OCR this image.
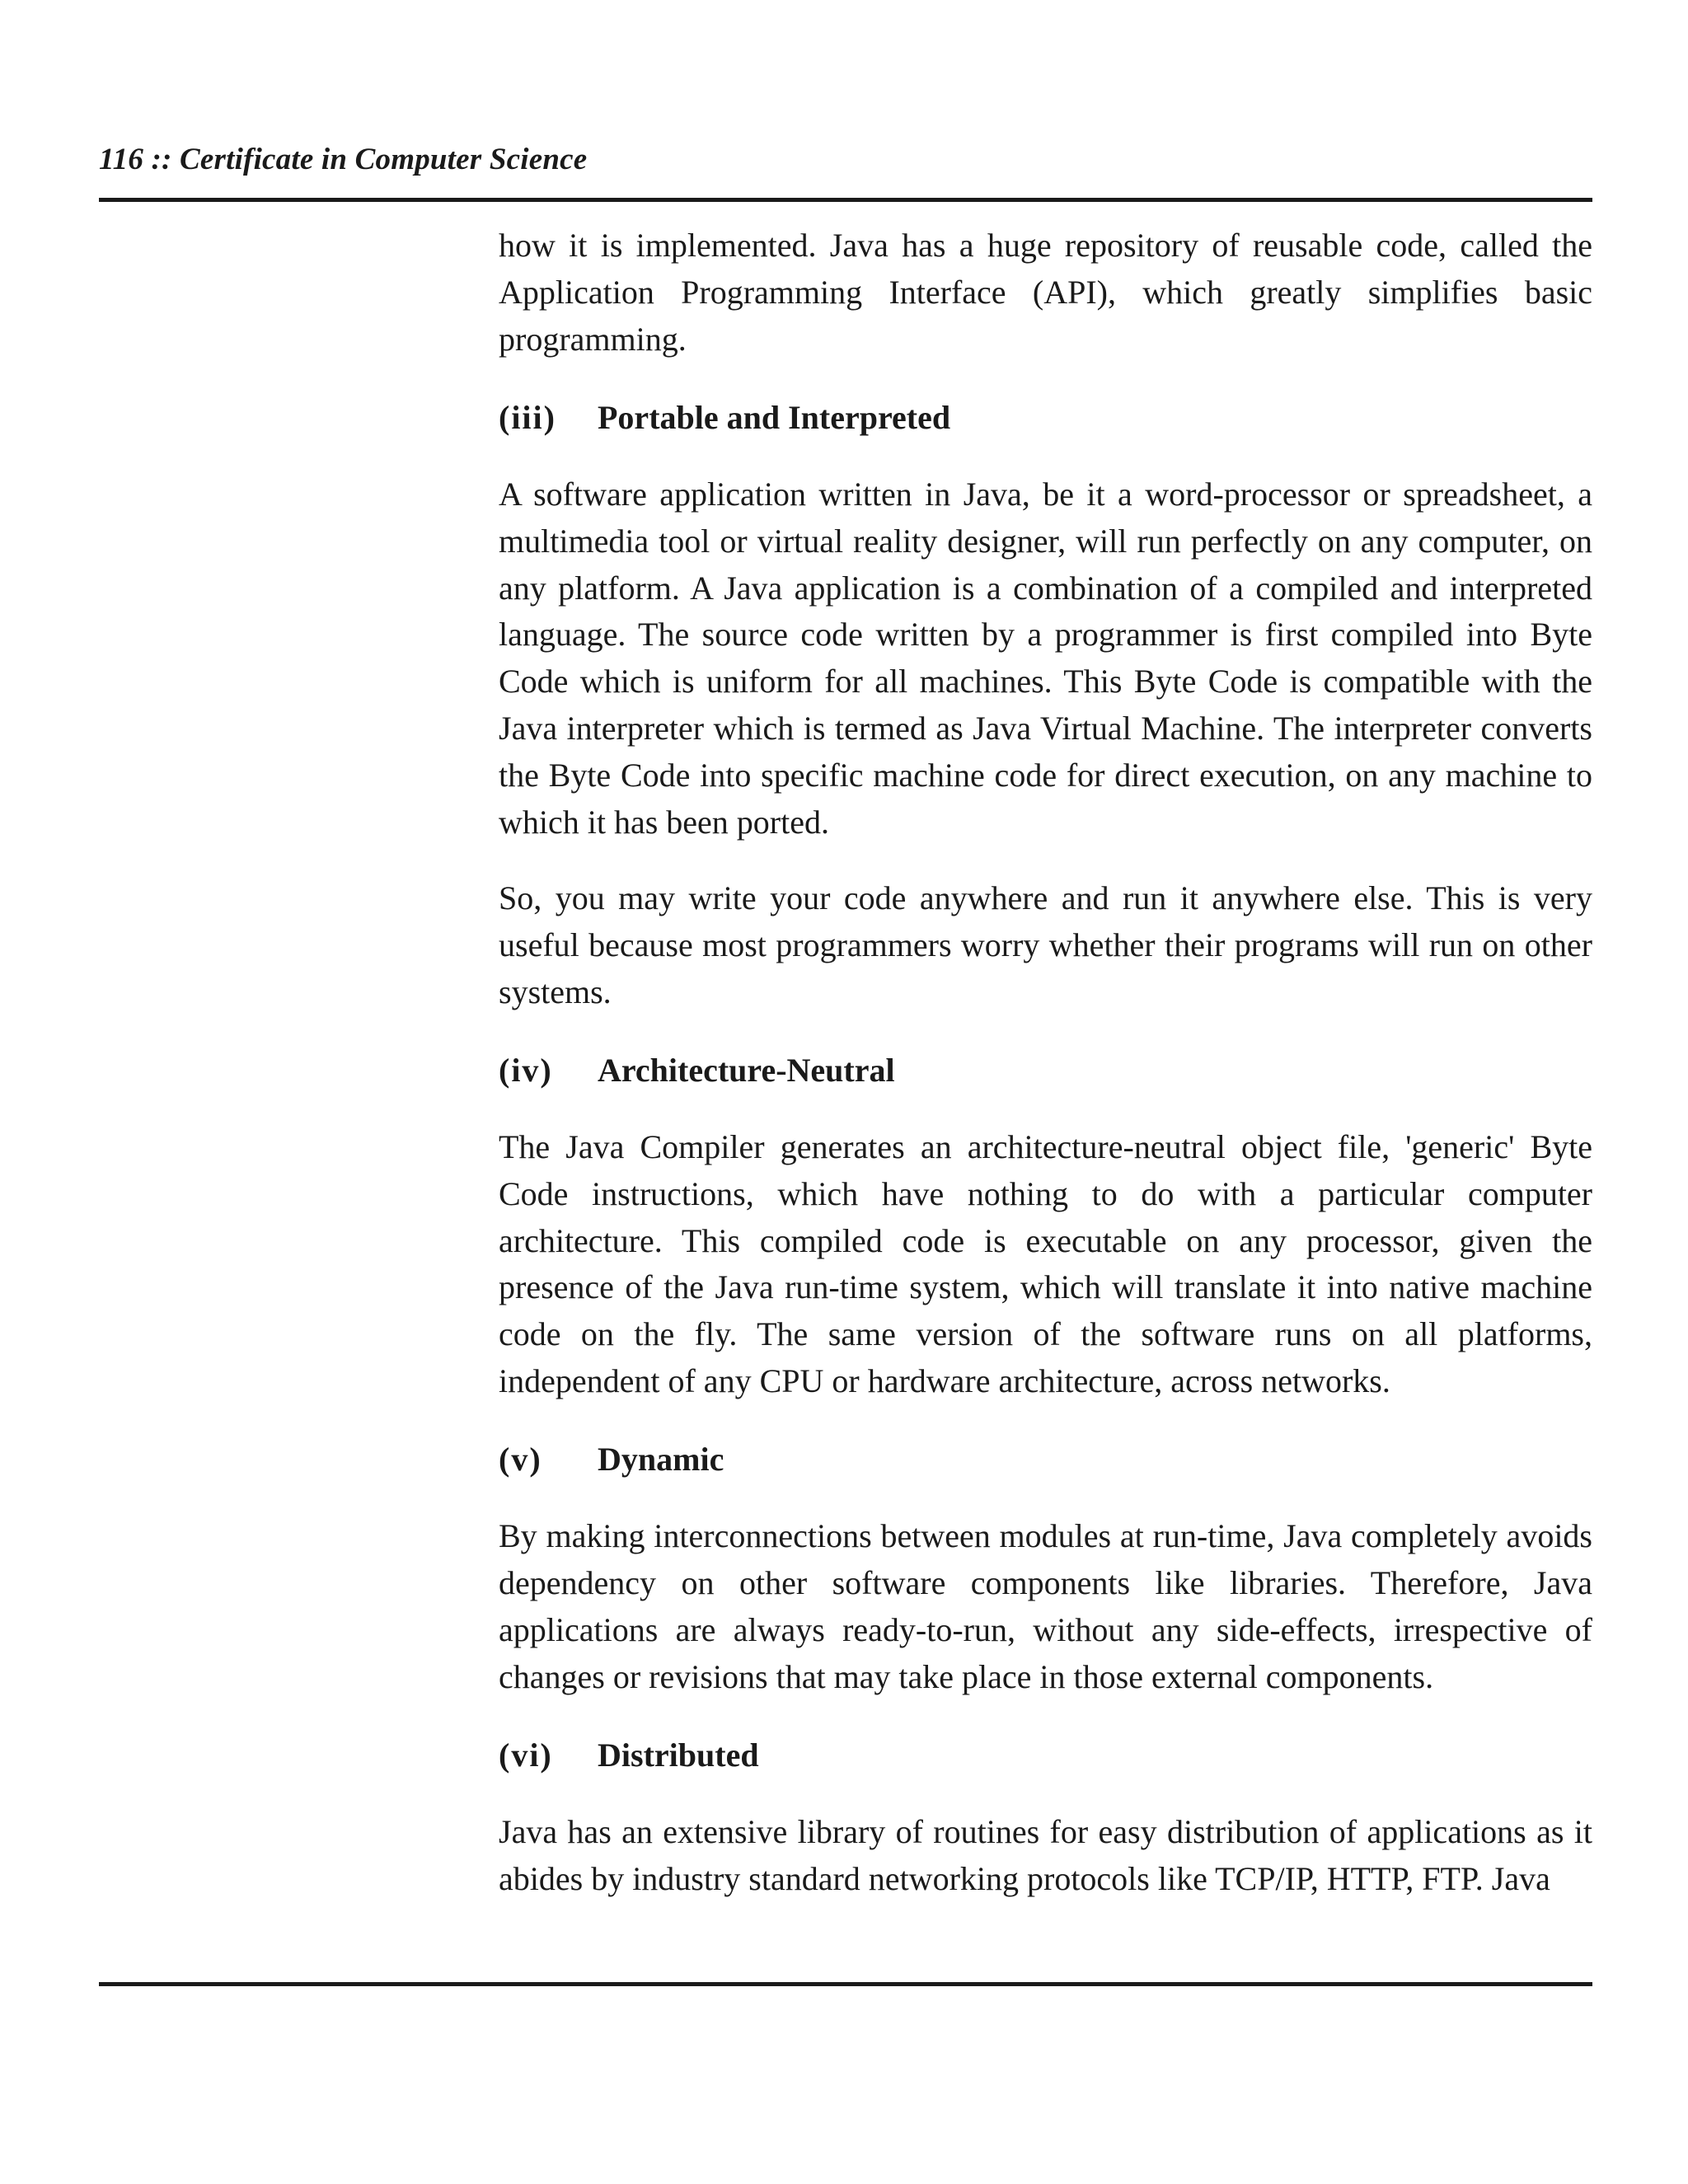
116 :: Certificate in Computer Science

how it is implemented. Java has a huge repository of reusable code, called the Application Programming Interface (API), which greatly simplifies basic programming.

(iii)	Portable and Interpreted

A software application written in Java, be it a word-processor or spreadsheet, a multimedia tool or virtual reality designer, will run perfectly on any computer, on any platform. A Java application is a combination of a compiled and interpreted language. The source code written by a programmer is first compiled into Byte Code which is uniform for all machines. This Byte Code is compatible with the Java interpreter which is termed as Java Virtual Machine. The interpreter converts the Byte Code into specific machine code for direct execution, on any machine to which it has been ported.

So, you may write your code anywhere and run it anywhere else. This is very useful because most programmers worry whether their programs will run on other systems.

(iv)	Architecture-Neutral

The Java Compiler generates an architecture-neutral object file, 'generic' Byte Code instructions, which have nothing to do with a particular computer architecture. This compiled code is executable on any processor, given the presence of the Java run-time system, which will translate it into native machine code on the fly. The same version of the software runs on all platforms, independent of any CPU or hardware architecture, across networks.

(v)	Dynamic

By making interconnections between modules at run-time, Java completely avoids dependency on other software components like libraries. Therefore, Java applications are always ready-to-run, without any side-effects, irrespective of changes or revisions that may take place in those external components.

(vi)	Distributed

Java has an extensive library of routines for easy distribution of applications as it abides by industry standard networking protocols like TCP/IP, HTTP, FTP. Java
